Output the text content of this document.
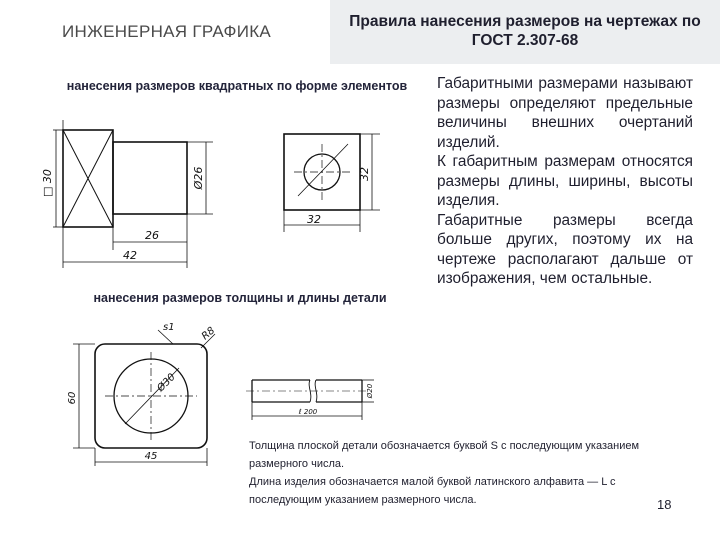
ИНЖЕНЕРНАЯ ГРАФИКА
Правила нанесения размеров на чертежах по ГОСТ 2.307-68
нанесения размеров квадратных по форме элементов
нанесения размеров толщины и длины детали

Габаритными размерами называют размеры определяют предельные величины внешних очертаний изделий.

К габаритным размерам относятся размеры длины, ширины, высоты изделия.

Габаритные размеры всегда больше других, поэтому их на чертеже располагают дальше от изображения, чем остальные.

Толщина плоской детали обозначается буквой S с последующим указанием размерного числа.

Длина изделия обозначается малой буквой латинского алфавита — L с последующим указанием размерного числа.	18
□ 30	Ø26
26
42
32
32
s1	R8
Ø30
60
45
ℓ 200
Ø20
